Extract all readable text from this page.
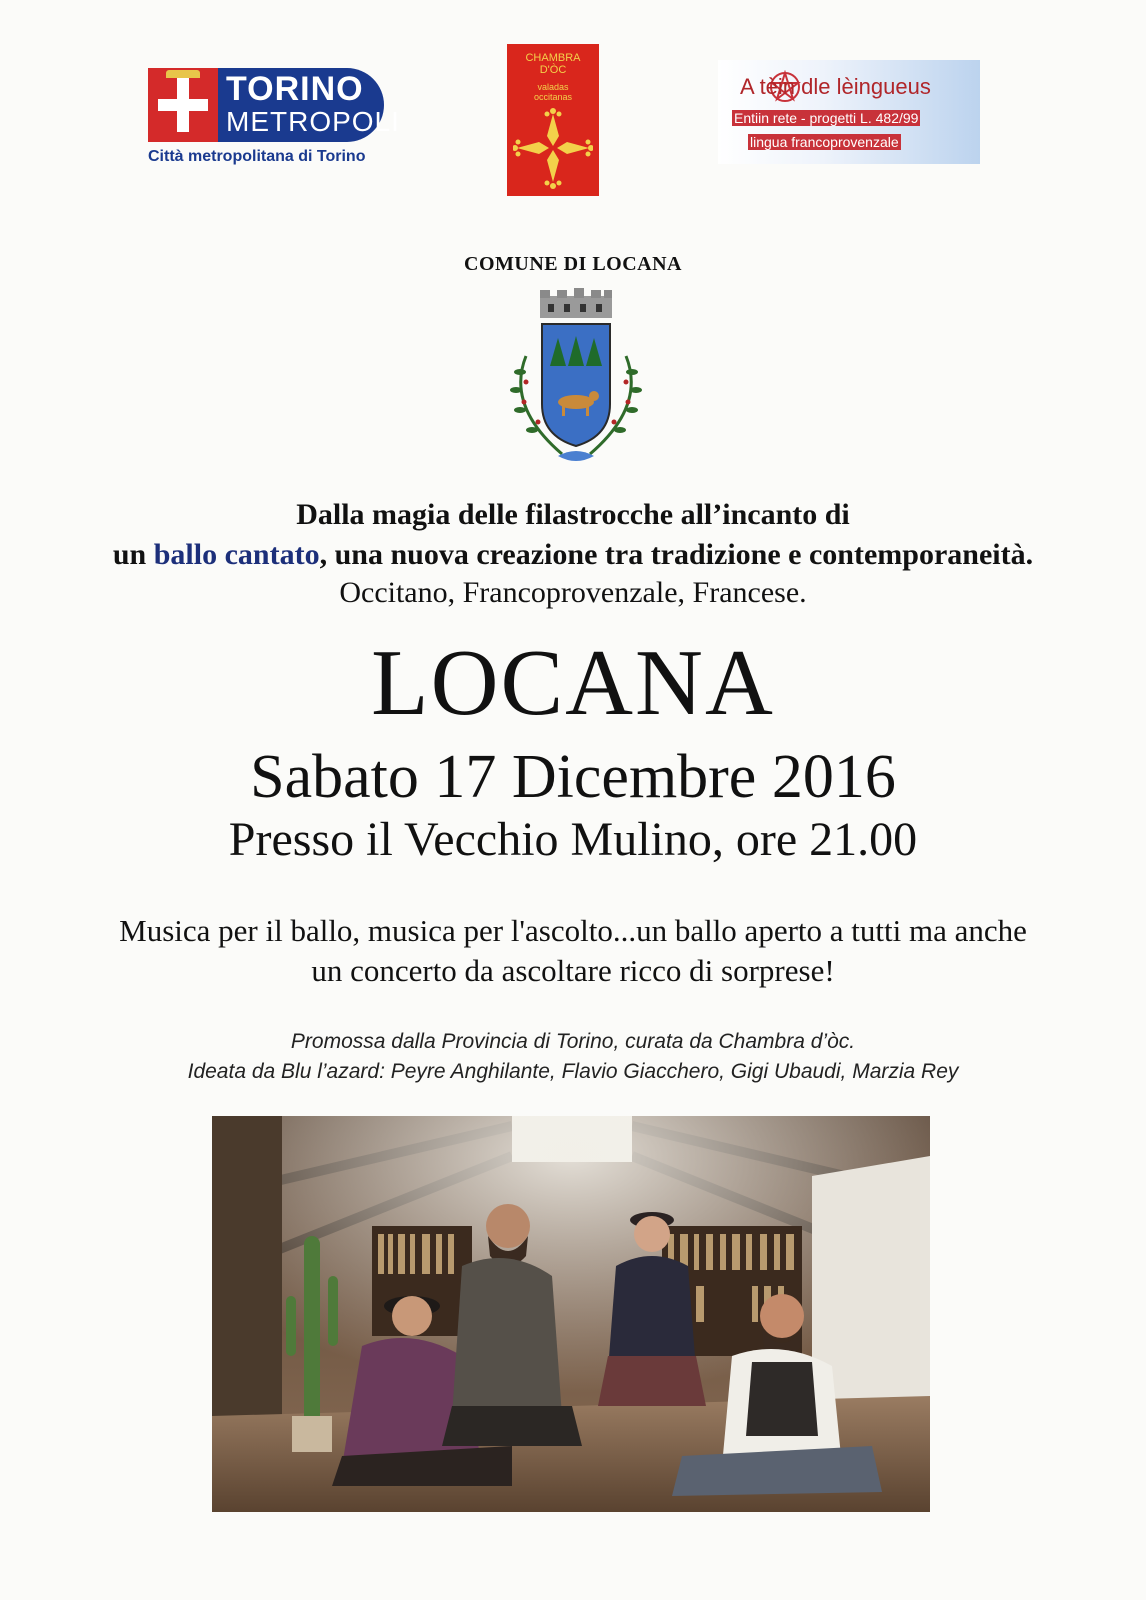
TORINO
METROPOLI
Città metropolitana di Torino
CHAMBRA
D'ÒC
valadas
occitanas	A tèin dle lèingueus
Entiin rete - progetti L. 482/99
lingua francoprovenzale
COMUNE DI LOCANA
Dalla magia delle filastrocche all’incanto di
un ballo cantato, una nuova creazione tra tradizione e contemporaneità.
Occitano, Francoprovenzale, Francese.
LOCANA
Sabato 17 Dicembre 2016
Presso il Vecchio Mulino, ore 21.00
Musica per il ballo, musica per l'ascolto...un ballo aperto a tutti ma anche
un concerto da ascoltare ricco di sorprese!
Promossa dalla Provincia di Torino, curata da Chambra d’òc.
Ideata da Blu l’azard: Peyre Anghilante, Flavio Giacchero, Gigi Ubaudi, Marzia Rey
